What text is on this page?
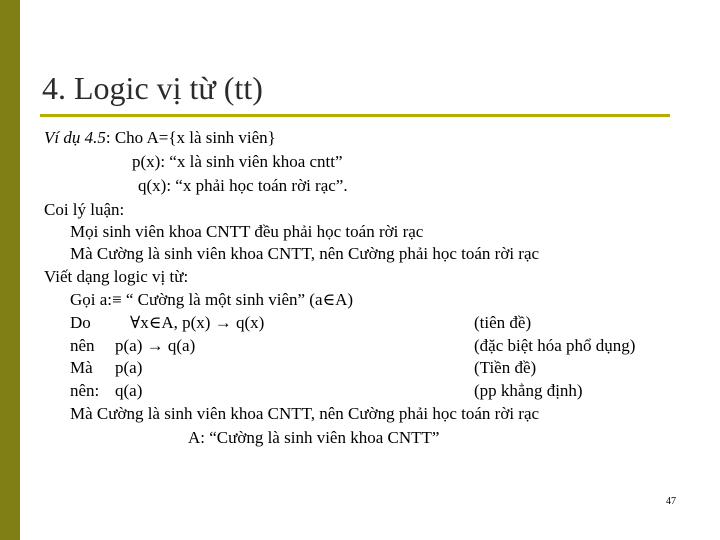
4. Logic vị từ (tt)
Ví dụ 4.5: Cho A={x là sinh viên}
p(x): “x là sinh viên khoa cntt”
q(x): “x phải học toán rời rạc”.
Coi lý luận:
Mọi sinh viên khoa CNTT đều phải học toán rời rạc
Mà Cường là sinh viên khoa CNTT, nên Cường phải học toán rời rạc
Viết dạng logic vị từ:
Gọi a:≡ “ Cường là một sinh viên” (a∈A)
Do ∀x∈A, p(x) → q(x)	(tiên đề)
nên p(a) → q(a)	(đặc biệt hóa phổ dụng)
Mà p(a)	(Tiền đề)
nên: q(a)	(pp khẳng định)
Mà Cường là sinh viên khoa CNTT, nên Cường phải học toán rời rạc
A: “Cường là sinh viên khoa CNTT”
47
